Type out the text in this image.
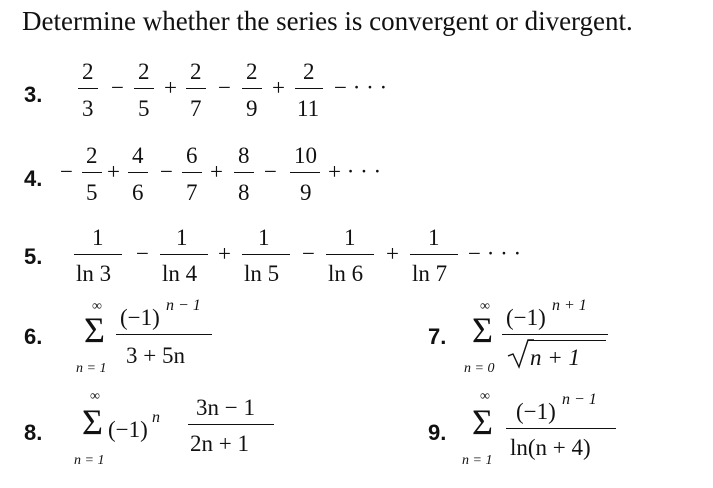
Determine whether the series is convergent or divergent.
3.
2
3
−
2
5
+
2
7
−
2
9
+
2
11
− · · ·
4. −
2
5
+
4
6
−
6
7
+
8
8
−
10
9
+ · · ·
5.
1
ln 3
−
1
ln 4
+
1
ln 5
−
1
ln 6
+
1
ln 7
− · · ·
6.
∞
Σ
n = 1
(−1) n − 1
3 + 5n
7.
∞
Σ
n = 0
(−1) n + 1
n + 1
8.
∞
Σ
n = 1
(−1) n 3n − 1
2n + 1	9.
∞
Σ
n = 1
(−1) n − 1
ln(n + 4)
